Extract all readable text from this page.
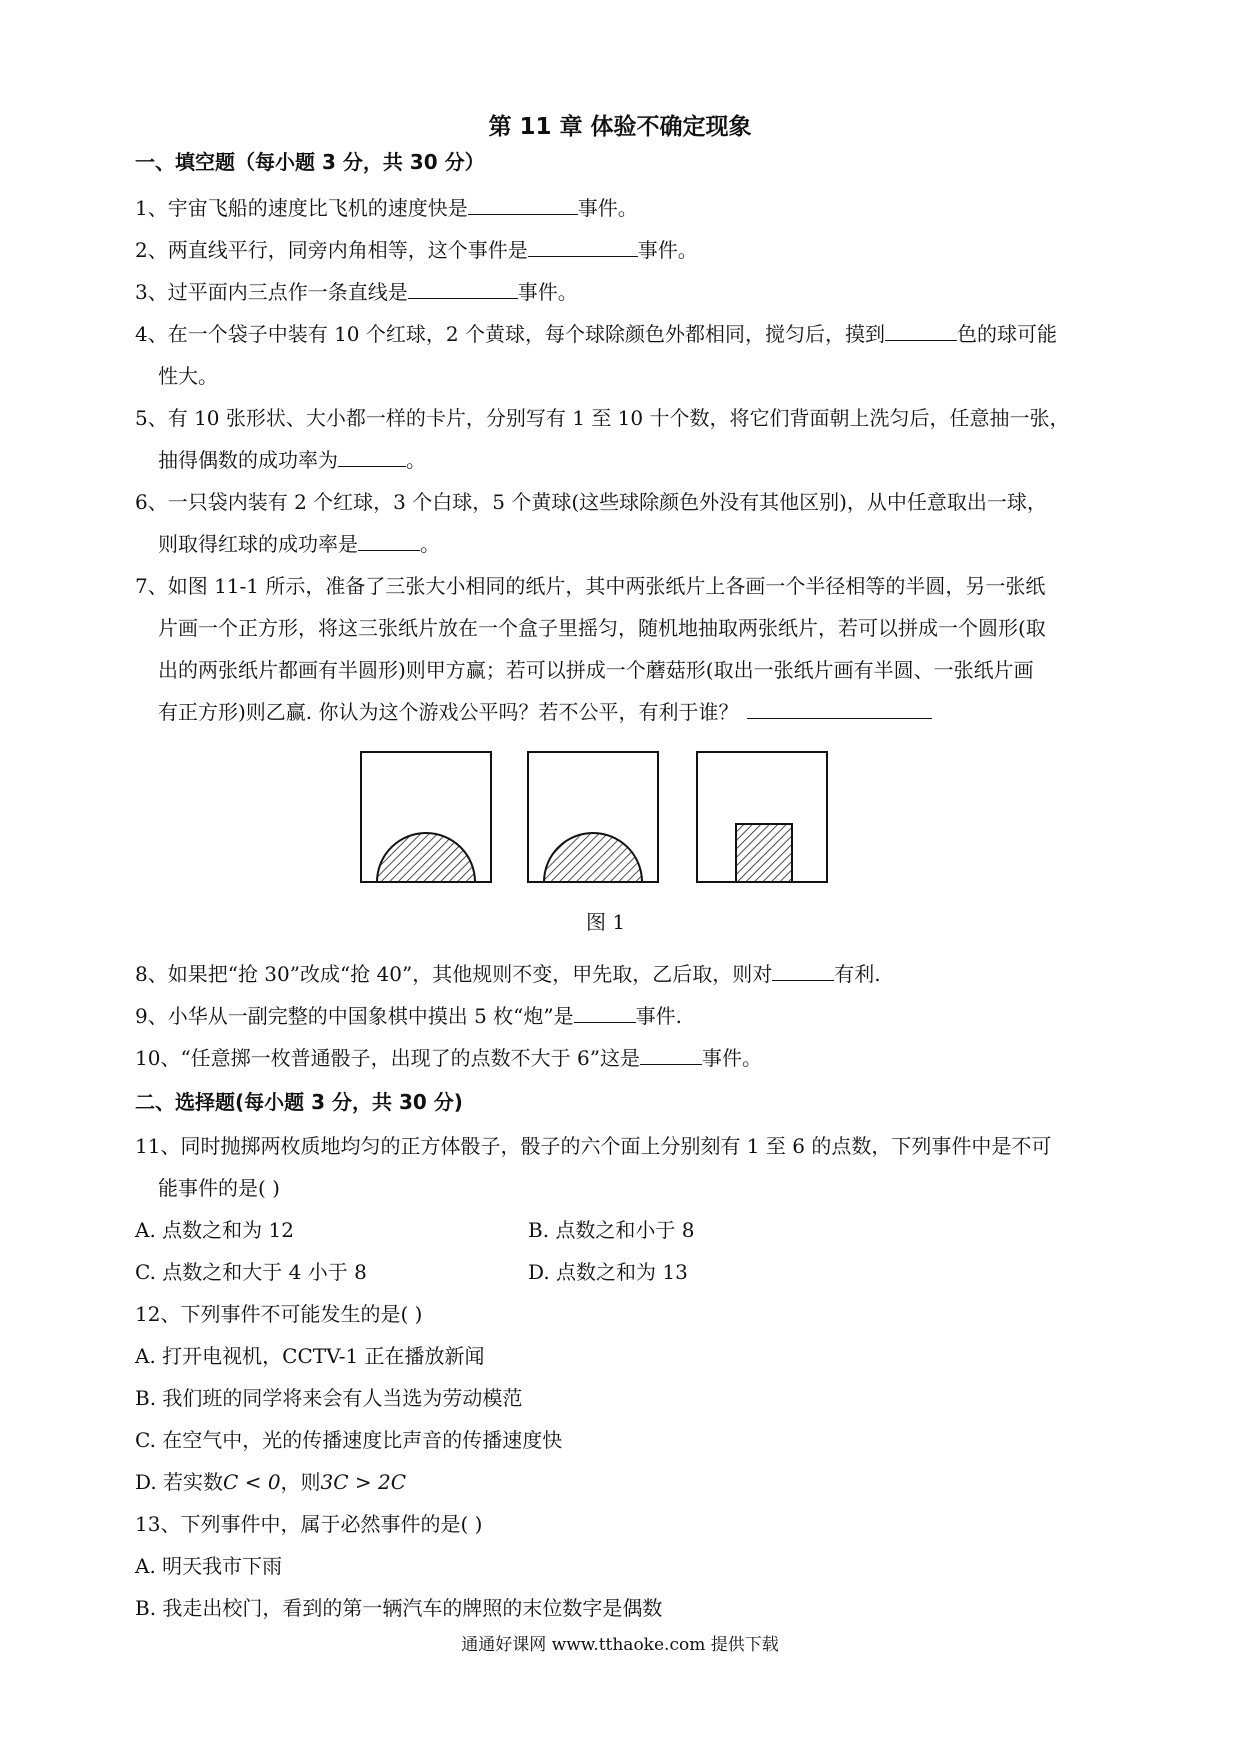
第 11 章 体验不确定现象
一、填空题（每小题 3 分，共 30 分）
1、宇宙飞船的速度比飞机的速度快是	事件。
2、两直线平行，同旁内角相等，这个事件是	事件。
3、过平面内三点作一条直线是	事件。
4、在一个袋子中装有 10 个红球，2 个黄球，每个球除颜色外都相同，搅匀后，摸到	色的球可能
性大。
5、有 10 张形状、大小都一样的卡片，分别写有 1 至 10 十个数，将它们背面朝上洗匀后，任意抽一张，
抽得偶数的成功率为	。
6、一只袋内装有 2 个红球，3 个白球，5 个黄球(这些球除颜色外没有其他区别)，从中任意取出一球，
则取得红球的成功率是	。
7、如图 11-1 所示，准备了三张大小相同的纸片，其中两张纸片上各画一个半径相等的半圆，另一张纸
片画一个正方形，将这三张纸片放在一个盒子里摇匀，随机地抽取两张纸片，若可以拼成一个圆形(取
出的两张纸片都画有半圆形)则甲方赢；若可以拼成一个蘑菇形(取出一张纸片画有半圆、一张纸片画
有正方形)则乙赢. 你认为这个游戏公平吗？若不公平，有利于谁？
图 1
8、如果把“抢 30”改成“抢 40”，其他规则不变，甲先取，乙后取，则对	有利.
9、小华从一副完整的中国象棋中摸出 5 枚“炮”是	事件.
10、“任意掷一枚普通骰子，出现了的点数不大于 6”这是	事件。
二、选择题(每小题 3 分，共 30 分)
11、同时抛掷两枚质地均匀的正方体骰子，骰子的六个面上分别刻有 1 至 6 的点数，下列事件中是不可
能事件的是( )
A. 点数之和为 12	B. 点数之和小于 8
C. 点数之和大于 4 小于 8	D. 点数之和为 13
12、下列事件不可能发生的是( )
A. 打开电视机，CCTV-1 正在播放新闻
B. 我们班的同学将来会有人当选为劳动模范
C. 在空气中，光的传播速度比声音的传播速度快
D. 若实数C < 0，则3C > 2C
13、下列事件中，属于必然事件的是( )
A. 明天我市下雨
B. 我走出校门，看到的第一辆汽车的牌照的末位数字是偶数
通通好课网 www.tthaoke.com 提供下载
